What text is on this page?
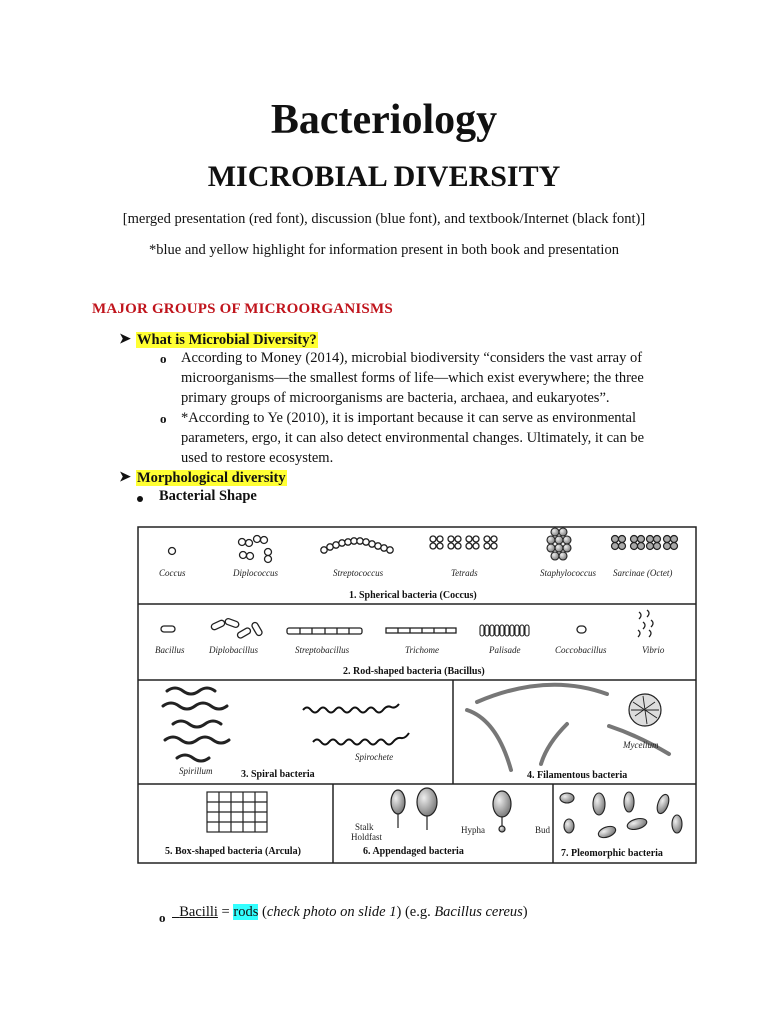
Bacteriology
MICROBIAL DIVERSITY
[merged presentation (red font), discussion (blue font), and textbook/Internet (black font)]
*blue and yellow highlight for information present in both book and presentation
MAJOR GROUPS OF MICROORGANISMS
➤ What is Microbial Diversity?
o According to Money (2014), microbial biodiversity “considers the vast array of microorganisms—the smallest forms of life—which exist everywhere; the three primary groups of microorganisms are bacteria, archaea, and eukaryotes”.
o *According to Ye (2010), it is important because it can serve as environmental parameters, ergo, it can also detect environmental changes. Ultimately, it can be used to restore ecosystem.
➤ Morphological diversity
Bacterial Shape
Coccus	Diplococcus	Streptococcus	Tetrads	Staphylococcus Sarcinae (Octet)
1. Spherical bacteria (Coccus)
Bacillus	Diplobacillus	Streptobacillus	Trichome	Palisade	Coccobacillus	Vibrio
2. Rod-shaped bacteria (Bacillus)
Spirillum
Spirochete
3. Spiral bacteria
Mycelium
4. Filamentous bacteria
5. Box-shaped bacteria (Arcula)
Stalk
Holdfast
Hypha	Bud
6. Appendaged bacteria	7. Pleomorphic bacteria
o Bacilli = rods (check photo on slide 1) (e.g. Bacillus cereus)
